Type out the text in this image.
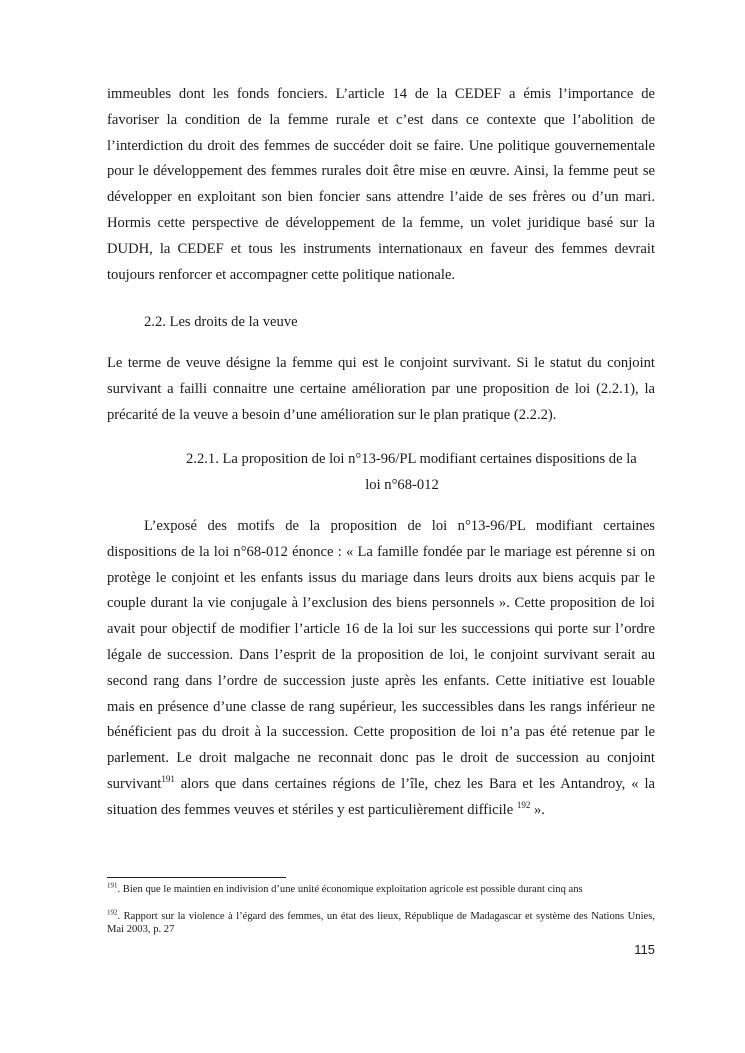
immeubles dont les fonds fonciers. L’article 14 de la CEDEF a émis l’importance de favoriser la condition de la femme rurale et c’est dans ce contexte que l’abolition de l’interdiction du droit des femmes de succéder doit se faire. Une politique gouvernementale pour le développement des femmes rurales doit être mise en œuvre. Ainsi, la femme peut se développer en exploitant son bien foncier sans attendre l’aide de ses frères ou d’un mari. Hormis cette perspective de développement de la femme, un volet juridique basé sur la DUDH, la CEDEF et tous les instruments internationaux en faveur des femmes devrait toujours renforcer et accompagner cette politique nationale.

2.2. Les droits de la veuve

Le terme de veuve désigne la femme qui est le conjoint survivant. Si le statut du conjoint survivant a failli connaitre une certaine amélioration par une proposition de loi (2.2.1), la précarité de la veuve a besoin d’une amélioration sur le plan pratique (2.2.2).

2.2.1. La proposition de loi n°13-96/PL modifiant certaines dispositions de la

loi n°68-012

L’exposé des motifs de la proposition de loi n°13-96/PL modifiant certaines dispositions de la loi n°68-012 énonce : « La famille fondée par le mariage est pérenne si on protège le conjoint et les enfants issus du mariage dans leurs droits aux biens acquis par le couple durant la vie conjugale à l’exclusion des biens personnels ». Cette proposition de loi avait pour objectif de modifier l’article 16 de la loi sur les successions qui porte sur l’ordre légale de succession. Dans l’esprit de la proposition de loi, le conjoint survivant serait au second rang dans l’ordre de succession juste après les enfants. Cette initiative est louable mais en présence d’une classe de rang supérieur, les successibles dans les rangs inférieur ne bénéficient pas du droit à la succession. Cette proposition de loi n’a pas été retenue par le parlement. Le droit malgache ne reconnait donc pas le droit de succession au conjoint survivant$^{191}$ alors que dans certaines régions de l’île, chez les Bara et les Antandroy, « la situation des femmes veuves et stériles y est particulièrement difficile $^{192}$ ».

$^{191}$. Bien que le maintien en indivision d’une unité économique exploitation agricole est possible durant cinq ans

$^{192}$. Rapport sur la violence à l’égard des femmes, un état des lieux, République de Madagascar et système des Nations Unies, Mai 2003, p. 27

115
